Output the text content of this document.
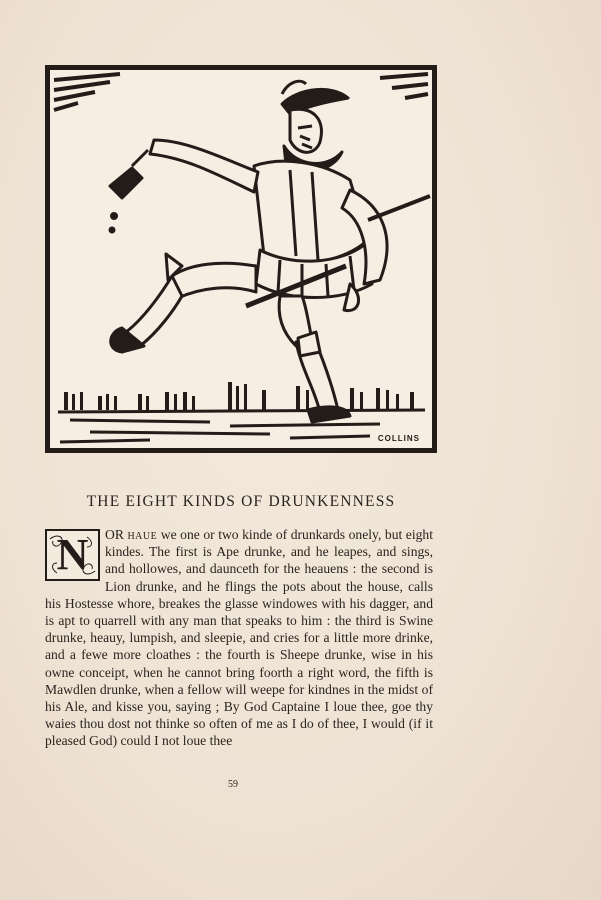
COLLINS
THE EIGHT KINDS OF DRUNKENNESS
N	OR haue we one or two kinde of drunkards onely, but eight kindes. The first is Ape drunke, and he leapes, and sings, and hollowes, and daunceth for the heauens : the second is Lion drunke, and he flings the pots about the house, calls his Hostesse whore, breakes the glasse windowes with his dagger, and is apt to quarrell with any man that speaks to him : the third is Swine drunke, heauy, lumpish, and sleepie, and cries for a little more drinke, and a fewe more cloathes : the fourth is Sheepe drunke, wise in his owne conceipt, when he cannot bring foorth a right word, the fifth is Mawdlen drunke, when a fellow will weepe for kindnes in the midst of his Ale, and kisse you, saying ; By God Captaine I loue thee, goe thy waies thou dost not thinke so often of me as I do of thee, I would (if it pleased God) could I not loue thee
59
